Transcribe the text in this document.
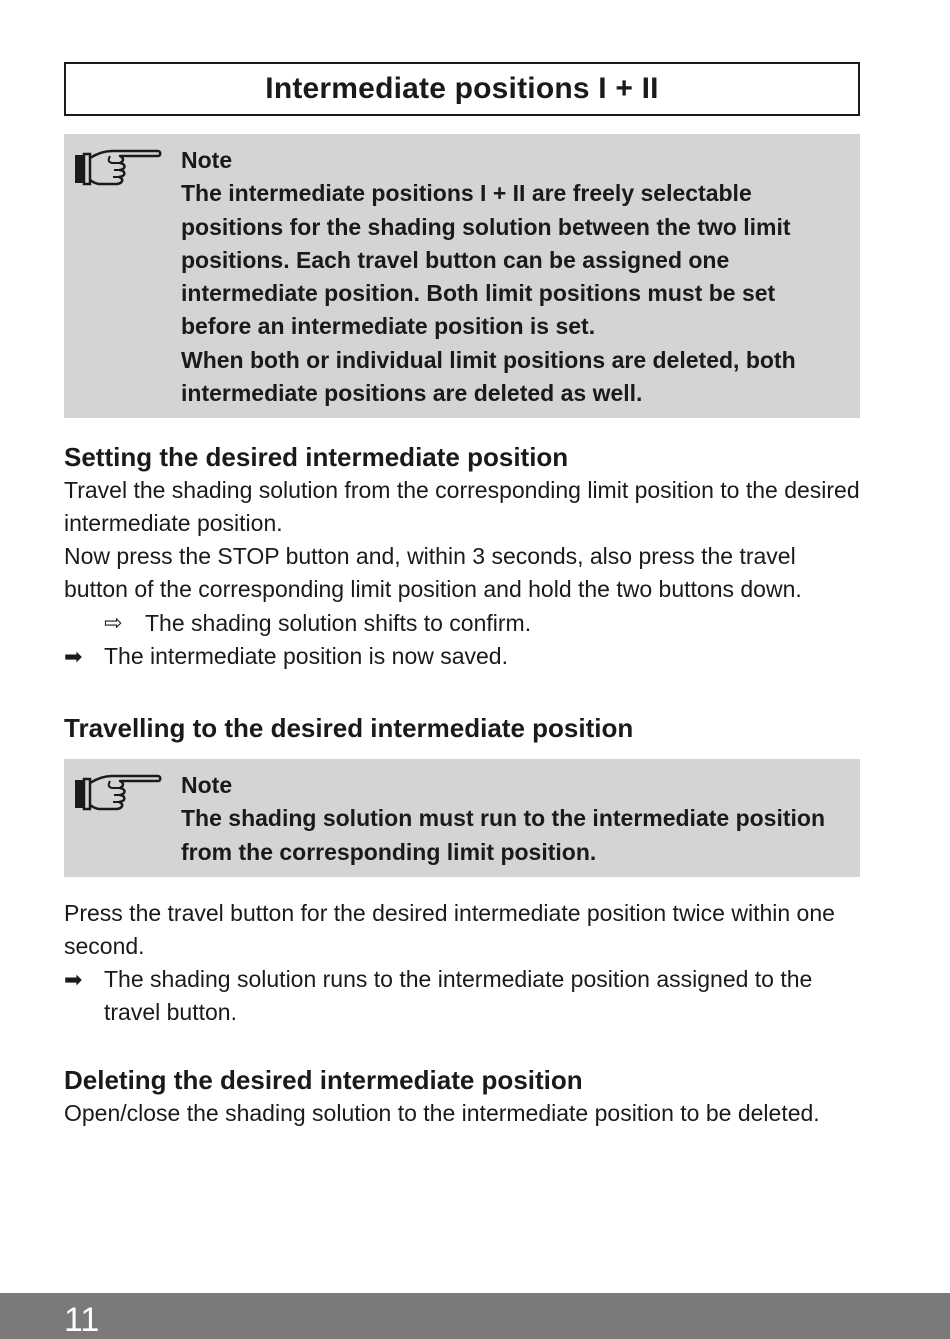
Intermediate positions I + II

Note

The intermediate positions I + II are freely selectable positions for the shading solution between the two limit positions. Each travel button can be assigned one intermediate position. Both limit positions must be set before an intermediate position is set.

When both or individual limit positions are deleted, both intermediate positions are deleted as well.

Setting the desired intermediate position

Travel the shading solution from the corresponding limit position to the desired intermediate position.

Now press the STOP button and, within 3 seconds, also press the travel button of the corresponding limit position and hold the two buttons down.

⇨ The shading solution shifts to confirm.
➡ The intermediate position is now saved.
Travelling to the desired intermediate position

Note

The shading solution must run to the intermediate position from the corresponding limit position.

Press the travel button for the desired intermediate position twice within one second.

➡ The shading solution runs to the intermediate position assigned to the travel button.
Deleting the desired intermediate position

Open/close the shading solution to the intermediate position to be deleted.

11
